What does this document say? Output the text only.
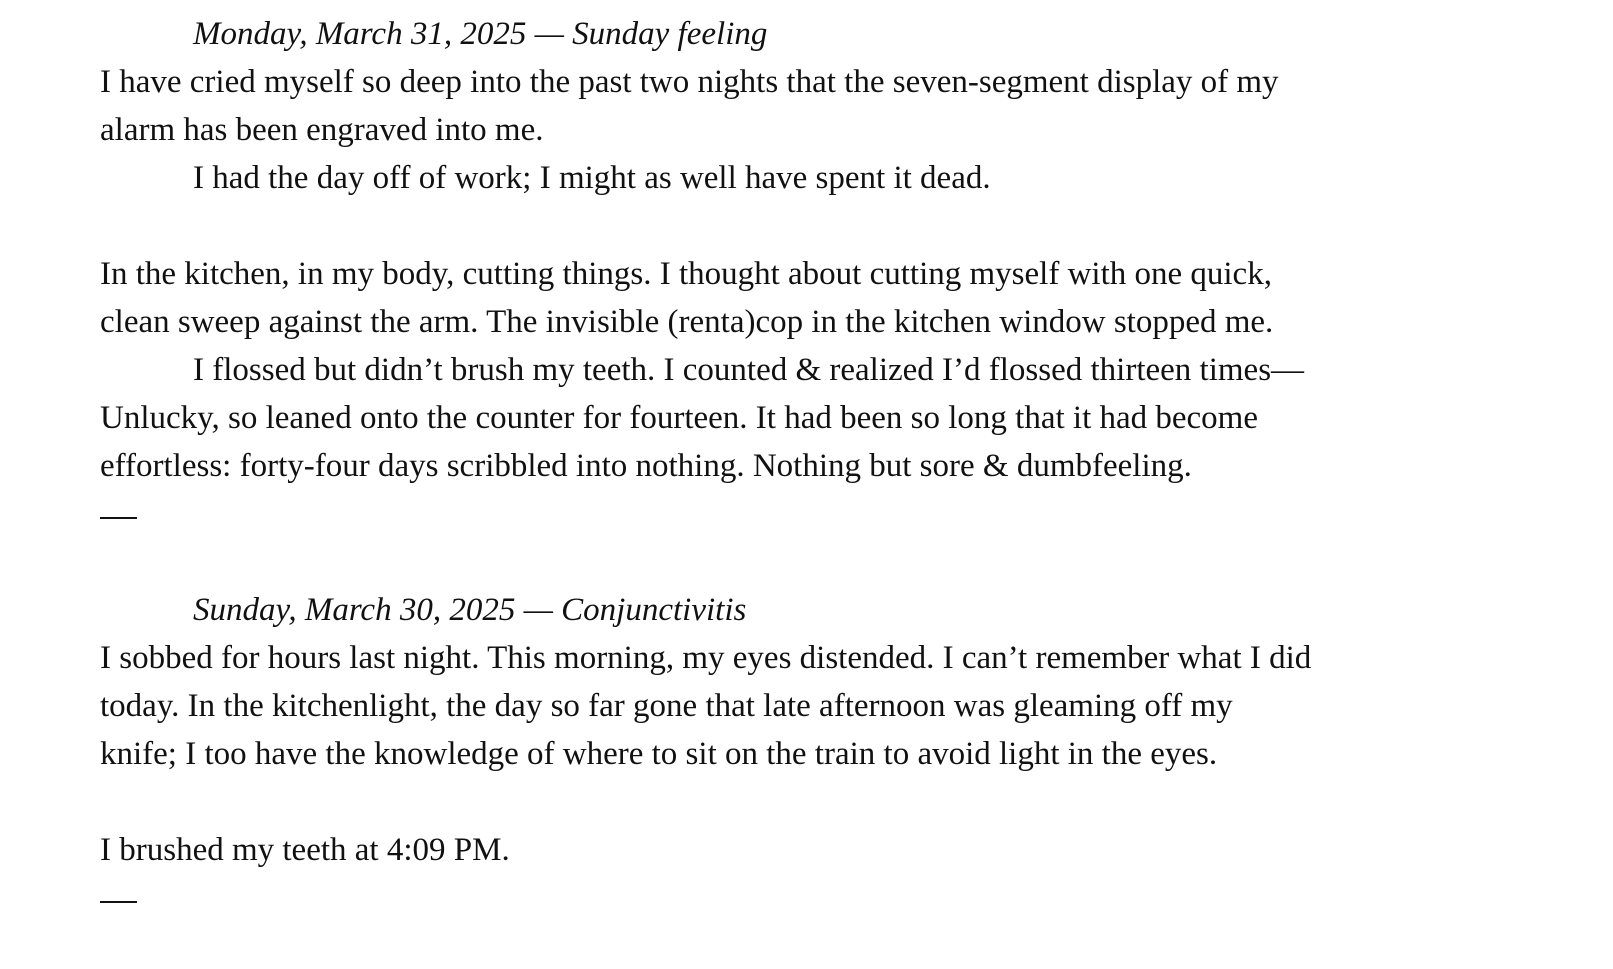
Monday, March 31, 2025 — Sunday feeling

I have cried myself so deep into the past two nights that the seven-segment display of my

alarm has been engraved into me.

I had the day off of work; I might as well have spent it dead.

In the kitchen, in my body, cutting things. I thought about cutting myself with one quick,

clean sweep against the arm. The invisible (renta)cop in the kitchen window stopped me.

I flossed but didn’t brush my teeth. I counted & realized I’d flossed thirteen times—

Unlucky, so leaned onto the counter for fourteen. It had been so long that it had become

effortless: forty-four days scribbled into nothing. Nothing but sore & dumbfeeling.

Sunday, March 30, 2025 — Conjunctivitis

I sobbed for hours last night. This morning, my eyes distended. I can’t remember what I did

today. In the kitchenlight, the day so far gone that late afternoon was gleaming off my

knife; I too have the knowledge of where to sit on the train to avoid light in the eyes.

I brushed my teeth at 4:09 PM.
